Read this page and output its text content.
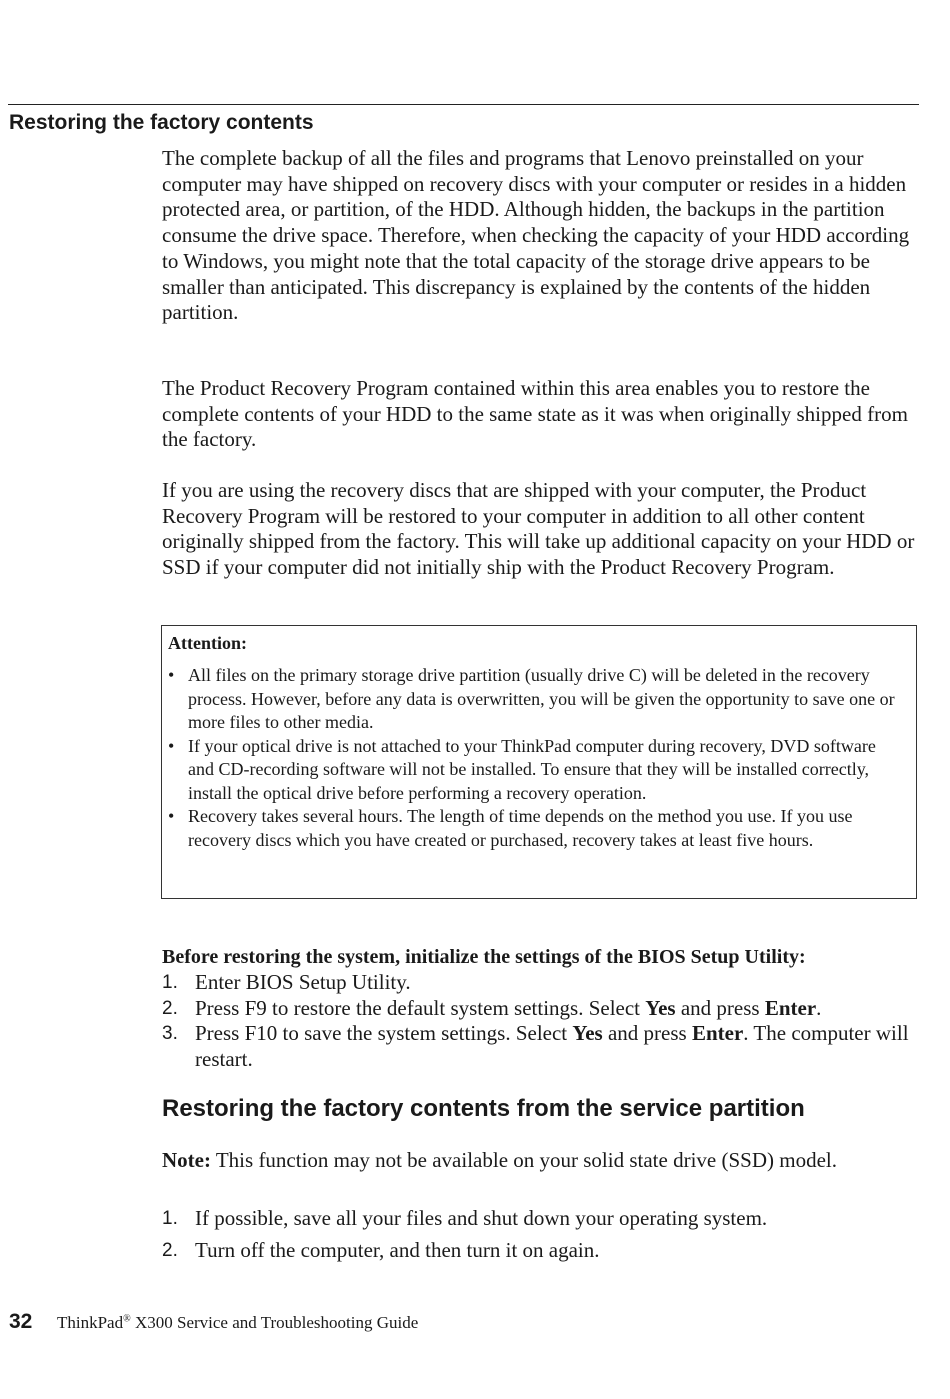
Restoring the factory contents

The complete backup of all the files and programs that Lenovo preinstalled on your computer may have shipped on recovery discs with your computer or resides in a hidden protected area, or partition, of the HDD. Although hidden, the backups in the partition consume the drive space. Therefore, when checking the capacity of your HDD according to Windows, you might note that the total capacity of the storage drive appears to be smaller than anticipated. This discrepancy is explained by the contents of the hidden partition.

The Product Recovery Program contained within this area enables you to restore the complete contents of your HDD to the same state as it was when originally shipped from the factory.

If you are using the recovery discs that are shipped with your computer, the Product Recovery Program will be restored to your computer in addition to all other content originally shipped from the factory. This will take up additional capacity on your HDD or SSD if your computer did not initially ship with the Product Recovery Program.

Attention:
• All files on the primary storage drive partition (usually drive C) will be deleted in the recovery process. However, before any data is overwritten, you will be given the opportunity to save one or more files to other media.
• If your optical drive is not attached to your ThinkPad computer during recovery, DVD software and CD-recording software will not be installed. To ensure that they will be installed correctly, install the optical drive before performing a recovery operation.
• Recovery takes several hours. The length of time depends on the method you use. If you use recovery discs which you have created or purchased, recovery takes at least five hours.

Before restoring the system, initialize the settings of the BIOS Setup Utility:

1. Enter BIOS Setup Utility.
2. Press F9 to restore the default system settings. Select Yes and press Enter.
3. Press F10 to save the system settings. Select Yes and press Enter. The computer will restart.
Restoring the factory contents from the service partition

Note: This function may not be available on your solid state drive (SSD) model.

1. If possible, save all your files and shut down your operating system.
2. Turn off the computer, and then turn it on again.
32 ThinkPad® X300 Service and Troubleshooting Guide
